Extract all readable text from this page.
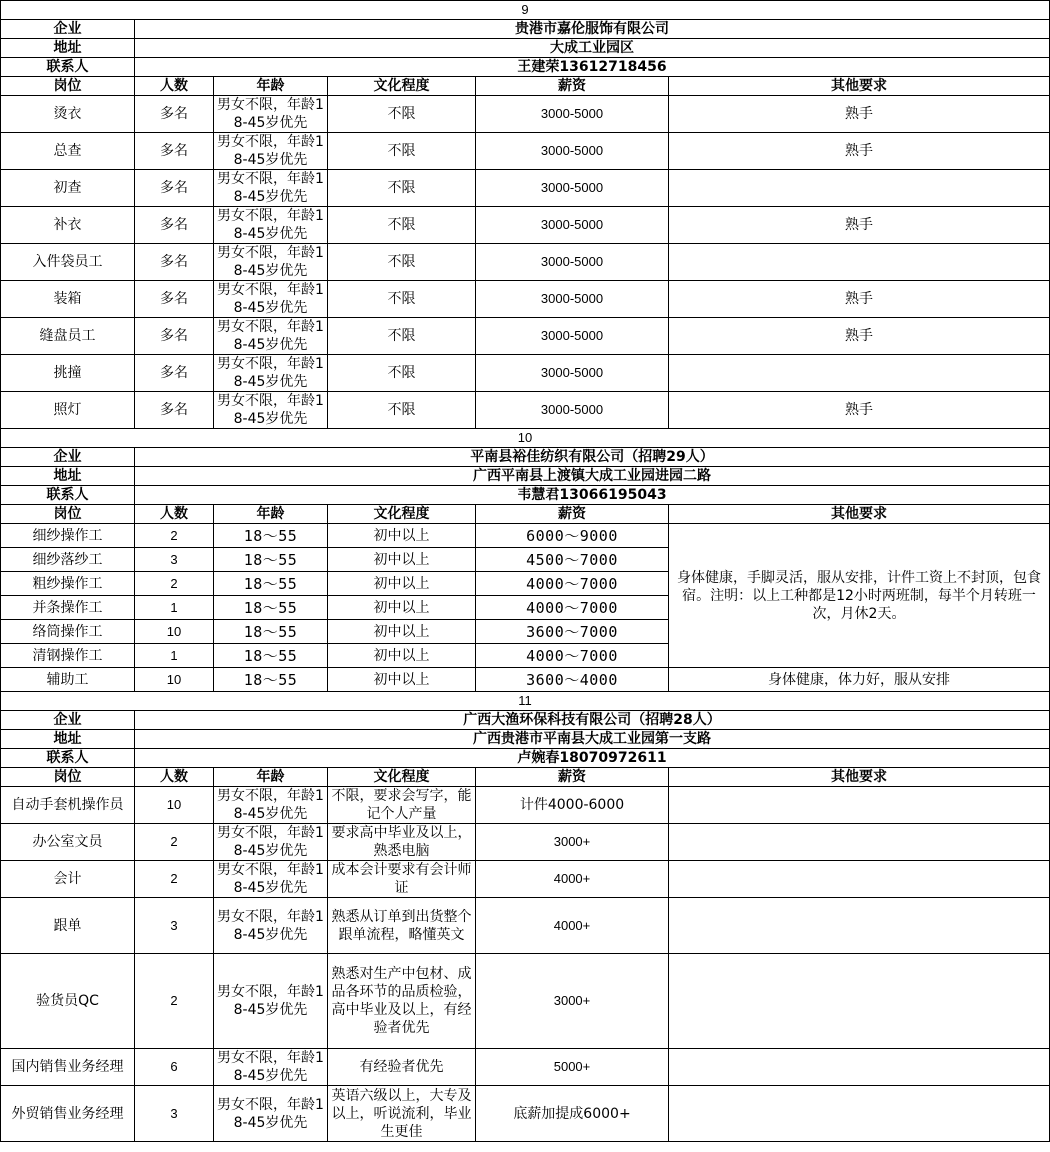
9					
企业	贵港市嘉伦服饰有限公司				
地址	大成工业园区				
联系人	王建荣13612718456				
岗位	人数	年龄	文化程度	薪资	其他要求
烫衣	多名	男女不限，年龄18-45岁优先	不限	3000-5000	熟手
总查	多名	男女不限，年龄18-45岁优先	不限	3000-5000	熟手
初查	多名	男女不限，年龄18-45岁优先	不限	3000-5000	
补衣	多名	男女不限，年龄18-45岁优先	不限	3000-5000	熟手
入件袋员工	多名	男女不限，年龄18-45岁优先	不限	3000-5000	
装箱	多名	男女不限，年龄18-45岁优先	不限	3000-5000	熟手
缝盘员工	多名	男女不限，年龄18-45岁优先	不限	3000-5000	熟手
挑撞	多名	男女不限，年龄18-45岁优先	不限	3000-5000	
照灯	多名	男女不限，年龄18-45岁优先	不限	3000-5000	熟手
10					
企业	平南县裕佳纺织有限公司（招聘29人）				
地址	广西平南县上渡镇大成工业园进园二路				
联系人	韦慧君13066195043				
岗位	人数	年龄	文化程度	薪资	其他要求
细纱操作工	2	18～55	初中以上	6000～9000	身体健康，手脚灵活，服从安排，计件工资上不封顶，包食宿。注明：以上工种都是12小时两班制，每半个月转班一次，月休2天。
细纱落纱工	3	18～55	初中以上	4500～7000	
粗纱操作工	2	18～55	初中以上	4000～7000	
并条操作工	1	18～55	初中以上	4000～7000	
络筒操作工	10	18～55	初中以上	3600～7000	
清钢操作工	1	18～55	初中以上	4000～7000	
辅助工	10	18～55	初中以上	3600～4000	身体健康，体力好，服从安排
11					
企业	广西大渔环保科技有限公司（招聘28人）				
地址	广西贵港市平南县大成工业园第一支路				
联系人	卢婉春18070972611				
岗位	人数	年龄	文化程度	薪资	其他要求
自动手套机操作员	10	男女不限，年龄18-45岁优先	不限，要求会写字，能记个人产量	计件4000-6000	
办公室文员	2	男女不限，年龄18-45岁优先	要求高中毕业及以上，熟悉电脑	3000+	
会计	2	男女不限，年龄18-45岁优先	成本会计要求有会计师证	4000+	
跟单	3	男女不限，年龄18-45岁优先	熟悉从订单到出货整个跟单流程，略懂英文	4000+	
验货员QC	2	男女不限，年龄18-45岁优先	熟悉对生产中包材、成品各环节的品质检验，高中毕业及以上，有经验者优先	3000+	
国内销售业务经理	6	男女不限，年龄18-45岁优先	有经验者优先	5000+	
外贸销售业务经理	3	男女不限，年龄18-45岁优先	英语六级以上，大专及以上，听说流利，毕业生更佳	底薪加提成6000+	
